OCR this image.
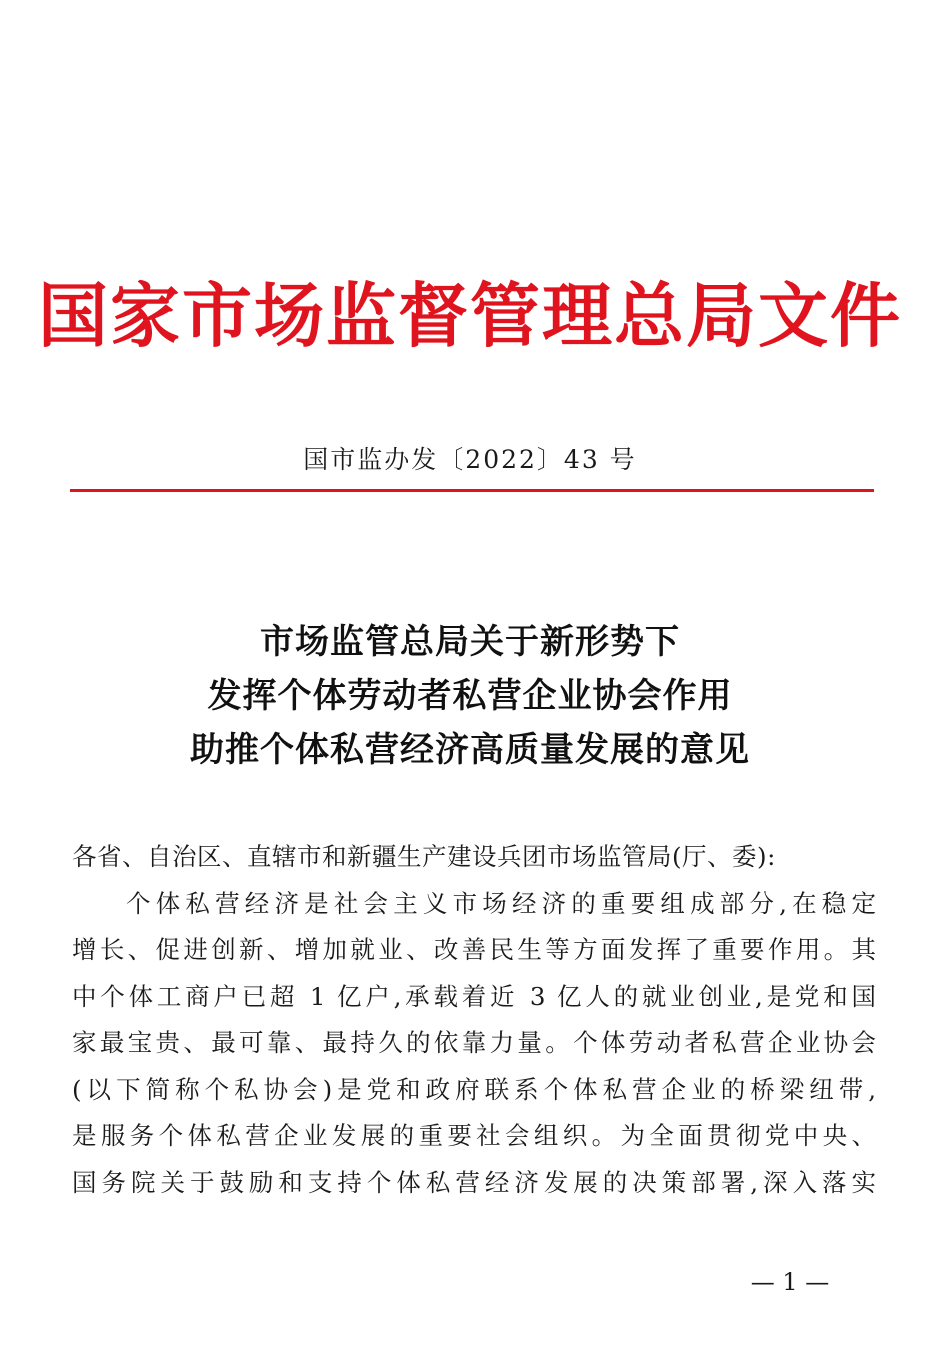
国家市场监督管理总局文件
国市监办发〔2022〕43 号
市场监管总局关于新形势下
发挥个体劳动者私营企业协会作用
助推个体私营经济高质量发展的意见
各省、自治区、直辖市和新疆生产建设兵团市场监管局(厅、委):
个体私营经济是社会主义市场经济的重要组成部分,在稳定
增长、促进创新、增加就业、改善民生等方面发挥了重要作用。其
中个体工商户已超 1 亿户,承载着近 3 亿人的就业创业,是党和国
家最宝贵、最可靠、最持久的依靠力量。个体劳动者私营企业协会
(以下简称个私协会)是党和政府联系个体私营企业的桥梁纽带,
是服务个体私营企业发展的重要社会组织。为全面贯彻党中央、
国务院关于鼓励和支持个体私营经济发展的决策部署,深入落实
— 1 —
